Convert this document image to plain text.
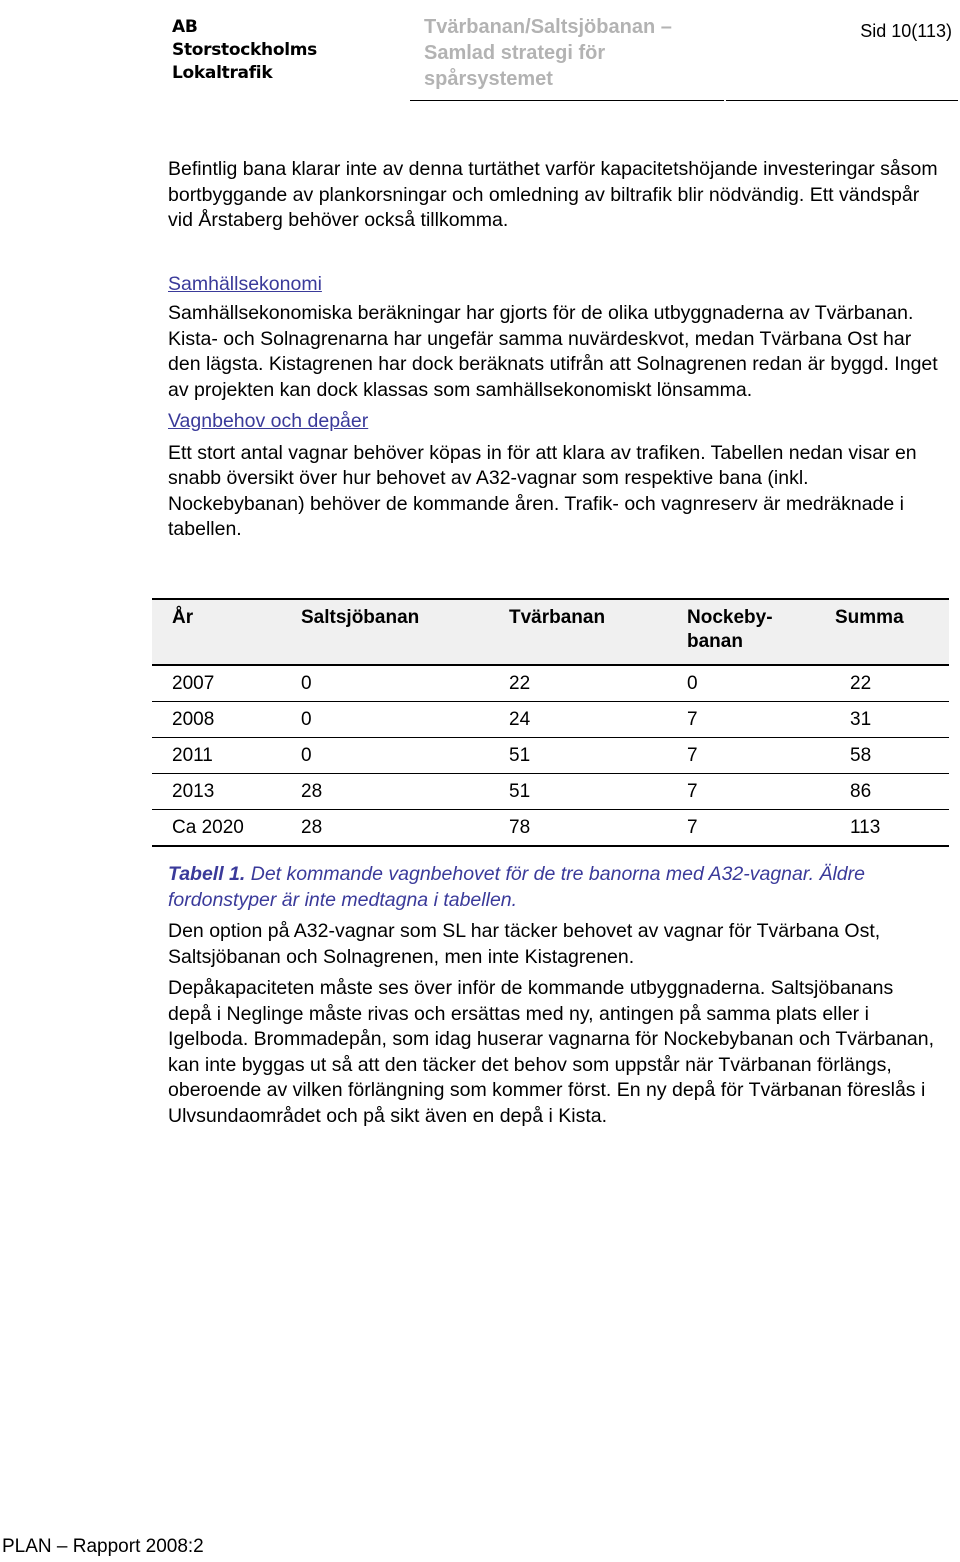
AB
Storstockholms
Lokaltrafik
Tvärbanan/Saltsjöbanan –
Samlad strategi för
spårsystemet
Sid 10(113)

Befintlig bana klarar inte av denna turtäthet varför kapacitetshöjande investeringar såsom bortbyggande av plankorsningar och omledning av biltrafik blir nödvändig. Ett vändspår vid Årstaberg behöver också tillkomma.

Samhällsekonomi

Samhällsekonomiska beräkningar har gjorts för de olika utbyggnaderna av Tvärbanan. Kista- och Solnagrenarna har ungefär samma nuvärdeskvot, medan Tvärbana Ost har den lägsta. Kistagrenen har dock beräknats utifrån att Solnagrenen redan är byggd. Inget av projekten kan dock klassas som samhällsekonomiskt lönsamma.

Vagnbehov och depåer

Ett stort antal vagnar behöver köpas in för att klara av trafiken. Tabellen nedan visar en snabb översikt över hur behovet av A32-vagnar som respektive bana (inkl. Nockebybanan) behöver de kommande åren. Trafik- och vagnreserv är medräknade i tabellen.

År	Saltsjöbanan	Tvärbanan	Nockeby-
banan	Summa
2007	0	22	0	22
2008	0	24	7	31
2011	0	51	7	58
2013	28	51	7	86
Ca 2020	28	78	7	113
Tabell 1. Det kommande vagnbehovet för de tre banorna med A32-vagnar. Äldre fordonstyper är inte medtagna i tabellen.

Den option på A32-vagnar som SL har täcker behovet av vagnar för Tvärbana Ost, Saltsjöbanan och Solnagrenen, men inte Kistagrenen.

Depåkapaciteten måste ses över inför de kommande utbyggnaderna. Saltsjöbanans depå i Neglinge måste rivas och ersättas med ny, antingen på samma plats eller i Igelboda. Brommadepån, som idag huserar vagnarna för Nockebybanan och Tvärbanan, kan inte byggas ut så att den täcker det behov som uppstår när Tvärbanan förlängs, oberoende av vilken förlängning som kommer först. En ny depå för Tvärbanan föreslås i Ulvsundaområdet och på sikt även en depå i Kista.

PLAN – Rapport 2008:2
